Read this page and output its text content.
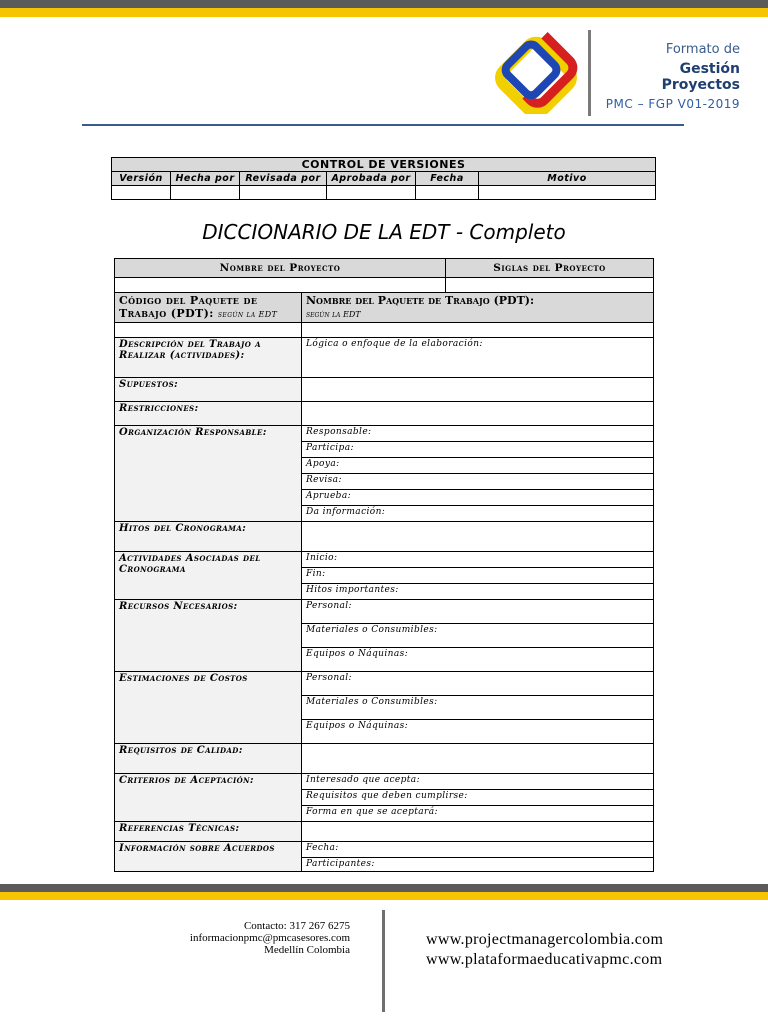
Formato de
Gestión Proyectos
PMC – FGP V01-2019
CONTROL DE VERSIONES					
Versión	Hecha por	Revisada por	Aprobada por	Fecha	Motivo

DICCIONARIO DE LA EDT - Completo
Nombre del Proyecto	Siglas del Proyecto

Código del Paquete de Trabajo (PDT): según la EDT	Nombre del Paquete de Trabajo (PDT):
según la EDT

Descripción del Trabajo a Realizar (actividades):	Lógica o enfoque de la elaboración:
Supuestos:	
Restricciones:	
Organización Responsable:	Responsable:
	Participa:
	Apoya:
	Revisa:
	Aprueba:
	Da información:
Hitos del Cronograma:	
Actividades Asociadas del Cronograma	Inicio:
	Fin:
	Hitos importantes:
Recursos Necesarios:	Personal:
	Materiales o Consumibles:
	Equipos o Náquinas:
Estimaciones de Costos	Personal:
	Materiales o Consumibles:
	Equipos o Náquinas:
Requisitos de Calidad:	
Criterios de Aceptación:	Interesado que acepta:
	Requisitos que deben cumplirse:
	Forma en que se aceptará:
Referencias Técnicas:	
Información sobre Acuerdos	Fecha:
	Participantes:
Contacto: 317 267 6275
informacionpmc@pmcasesores.com
Medellín Colombia
www.projectmanagercolombia.com
www.plataformaeducativapmc.com
